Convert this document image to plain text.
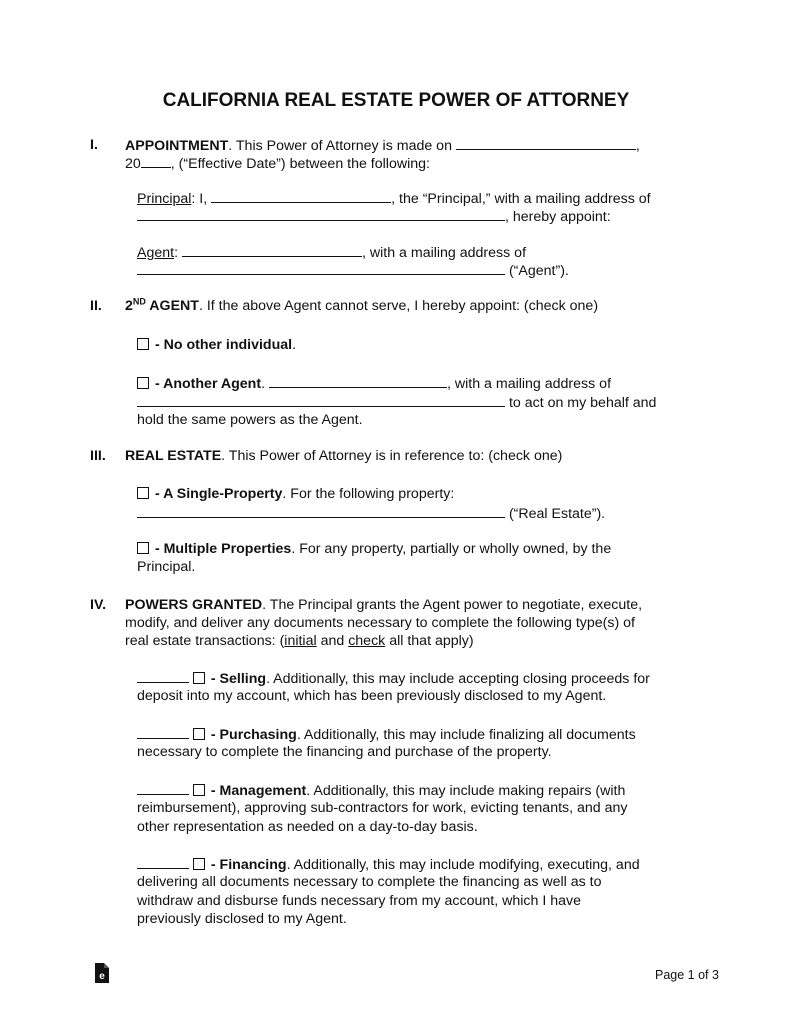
CALIFORNIA REAL ESTATE POWER OF ATTORNEY
I. APPOINTMENT. This Power of Attorney is made on	,
20 , (“Effective Date”) between the following:
Principal: I,	, the “Principal,” with a mailing address of
, hereby appoint:
Agent:	, with a mailing address of
(“Agent”).
II. 2ND AGENT. If the above Agent cannot serve, I hereby appoint: (check one)
- No other individual.
- Another Agent.	, with a mailing address of
to act on my behalf and
hold the same powers as the Agent.
III. REAL ESTATE. This Power of Attorney is in reference to: (check one)
- A Single-Property. For the following property:
(“Real Estate”).
- Multiple Properties. For any property, partially or wholly owned, by the
Principal.
IV. POWERS GRANTED. The Principal grants the Agent power to negotiate, execute,
modify, and deliver any documents necessary to complete the following type(s) of
real estate transactions: (initial and check all that apply)
- Selling. Additionally, this may include accepting closing proceeds for
deposit into my account, which has been previously disclosed to my Agent.
- Purchasing. Additionally, this may include finalizing all documents
necessary to complete the financing and purchase of the property.
- Management. Additionally, this may include making repairs (with
reimbursement), approving sub-contractors for work, evicting tenants, and any
other representation as needed on a day-to-day basis.
- Financing. Additionally, this may include modifying, executing, and
delivering all documents necessary to complete the financing as well as to
withdraw and disburse funds necessary from my account, which I have
previously disclosed to my Agent.
e	Page 1 of 3
